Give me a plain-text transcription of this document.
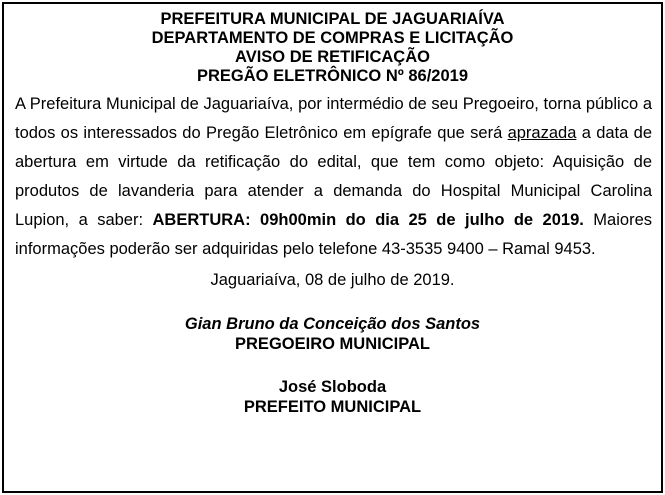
PREFEITURA MUNICIPAL DE JAGUARIAÍVA
DEPARTAMENTO DE COMPRAS E LICITAÇÃO
AVISO DE RETIFICAÇÃO
PREGÃO ELETRÔNICO Nº 86/2019
A Prefeitura Municipal de Jaguariaíva, por intermédio de seu Pregoeiro, torna público a todos os interessados do Pregão Eletrônico em epígrafe que será aprazada a data de abertura em virtude da retificação do edital, que tem como objeto: Aquisição de produtos de lavanderia para atender a demanda do Hospital Municipal Carolina Lupion, a saber: ABERTURA: 09h00min do dia 25 de julho de 2019. Maiores informações poderão ser adquiridas pelo telefone 43-3535 9400 – Ramal 9453.
Jaguariaíva, 08 de julho de 2019.
Gian Bruno da Conceição dos Santos
PREGOEIRO MUNICIPAL
José Sloboda
PREFEITO MUNICIPAL
